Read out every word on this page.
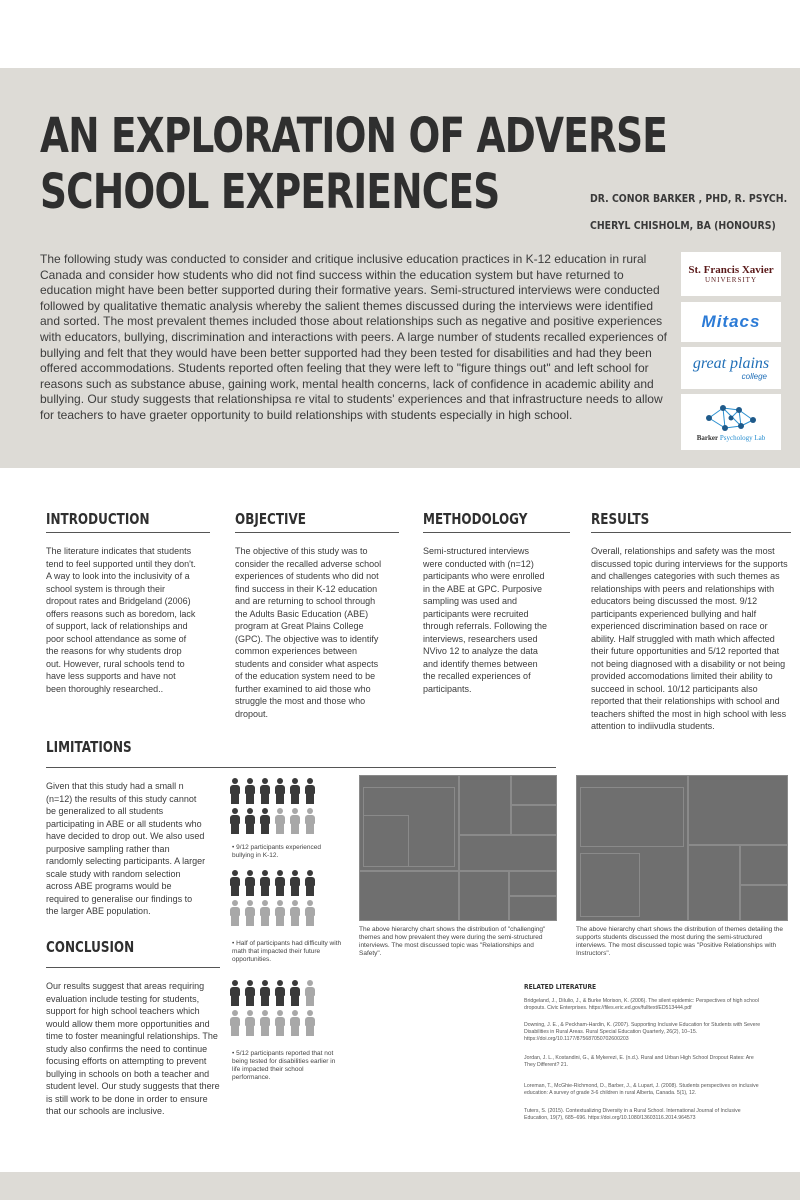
AN EXPLORATION OF ADVERSE
SCHOOL EXPERIENCES	DR. CONOR BARKER , PHD, R. PSYCH.
CHERYL CHISHOLM, BA (HONOURS)

The following study was conducted to consider and critique inclusive education practices in K-12 education in rural Canada and consider how students who did not find success within the education system but have returned to education might have been better supported during their formative years. Semi-structured interviews were conducted followed by qualitative thematic analysis whereby the salient themes discussed during the interviews were identified and sorted. The most prevalent themes included those about relationships such as negative and positive experiences with educators, bullying, discrimination and interactions with peers. A large number of students recalled experiences of bullying and felt that they would have been better supported had they been tested for disabilities and had they been offered accommodations. Students reported often feeling that they were left to "figure things out" and left school for reasons such as substance abuse, gaining work, mental health concerns, lack of confidence in academic ability and bullying. Our study suggests that relationshipsa re vital to students' experiences and that infrastructure needs to allow for teachers to have graeter opportunity to build relationships with students especially in high school.

St. Francis Xavier
UNIVERSITY
Mitacs
great plains
college
Barker Psychology Lab
INTRODUCTION

The literature indicates that students tend to feel supported until they don't. A way to look into the inclusivity of a school system is through their dropout rates and Bridgeland (2006) offers reasons such as boredom, lack of support, lack of relationships and poor school attendance as some of the reasons for why students drop out. However, rural schools tend to have less supports and have not been thoroughly researched..

OBJECTIVE

The objective of this study was to consider the recalled adverse school experiences of students who did not find success in their K-12 education and are returning to school through the Adults Basic Education (ABE) program at Great Plains College (GPC). The objective was to identify common experiences between students and consider what aspects of the education system need to be further examined to aid those who struggle the most and those who dropout.

METHODOLOGY

Semi-structured interviews were conducted with (n=12) participants who were enrolled in the ABE at GPC. Purposive sampling was used and participants were recruited through referrals. Following the interviews, researchers used NVivo 12 to analyze the data and identify themes between the recalled experiences of participants.

RESULTS

Overall, relationships and safety was the most discussed topic during interviews for the supports and challenges categories with such themes as relationships with peers and relationships with educators being discussed the most. 9/12 participants experienced bullying and half experienced discrimination based on race or ability. Half struggled with math which affected their future opportunities and 5/12 reported that not being diagnosed with a disability or not being provided accomodations limited their ability to succeed in school. 10/12 participants also reported that their relationships with school and teachers shifted the most in high school with less attention to indiivudla students.

LIMITATIONS

Given that this study had a small n (n=12) the results of this study cannot be generalized to all students participating in ABE or all students who have decided to drop out. We also used purposive sampling rather than randomly selecting participants. A larger scale study with random selection across ABE programs would be required to generalise our findings to the larger ABE population.

CONCLUSION

Our results suggest that areas requiring evaluation include testing for students, support for high school teachers which would allow them more opportunities and time to foster meaningful relationships. The study also confirms the need to continue focusing efforts on attempting to prevent bullying in schools on both a teacher and student level. Our study suggests that there is still work to be done in order to ensure that our schools are inclusive.

• 9/12 participants experienced bullying in K-12.

• Half of participants had difficulty with math that impacted their future opportunities.

• 5/12 participants reported that not being tested for disabilities earlier in life impacted their school performance.

The above hierarchy chart shows the distribution of "challenging" themes and how prevalent they were during the semi-structured interviews. The most discussed topic was "Relationships and Safety".

The above hierarchy chart shows the distribution of themes detailing the supports students discussed the most during the semi-structured interviews. The most discussed topic was "Positive Relationships with Instructors".

RELATED LITERATURE

Bridgeland, J., DiIulio, J., & Burke Morison, K. (2006). The silent epidemic: Perspectives of high school dropouts. Civic Enterprises. https://files.eric.ed.gov/fulltext/ED513444.pdf

Downing, J. E., & Peckham-Hardin, K. (2007). Supporting Inclusive Education for Students with Severe Disabilities in Rural Areas. Rural Special Education Quarterly, 26(2), 10–15. https://doi.org/10.1177/875687050702600203

Jordan, J. L., Kostandini, G., & Mykerezi, E. (n.d.). Rural and Urban High School Dropout Rates: Are They Different? 21.

Loreman, T., McGhie-Richmond, D., Barber, J., & Lupart, J. (2008). Students perspectives on inclusive education: A survey of grade 3-6 children in rural Alberta, Canada. 5(1), 12.

Tuters, S. (2015). Contextualizing Diversity in a Rural School. International Journal of Inclusive Education, 19(7), 685–696. https://doi.org/10.1080/13603116.2014.964573
